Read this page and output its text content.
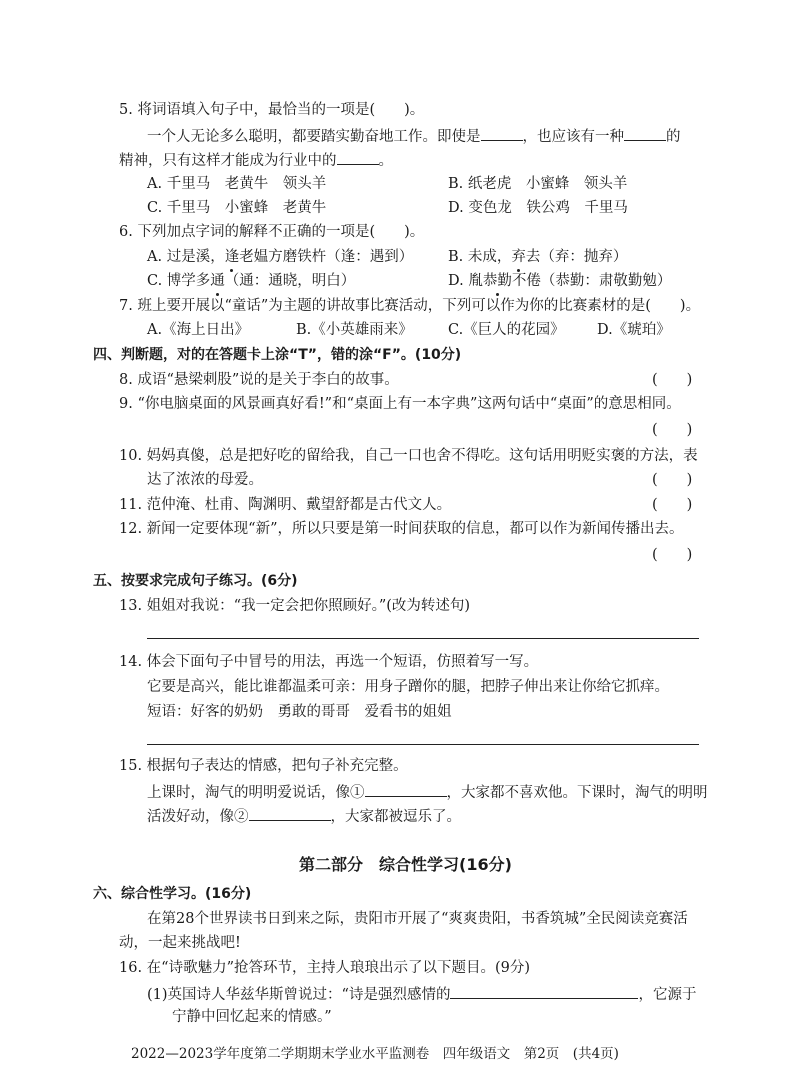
5. 将词语填入句子中，最恰当的一项是(　　)。
一个人无论多么聪明，都要踏实勤奋地工作。即使是	，也应该有一种	的
精神，只有这样才能成为行业中的	。
A. 千里马　老黄牛　领头羊	B. 纸老虎　小蜜蜂　领头羊
C. 千里马　小蜜蜂　老黄牛	D. 变色龙　铁公鸡　千里马
6. 下列加点字词的解释不正确的一项是(　　)。
A. 过是溪，逢老媪方磨铁杵（逢：遇到） B. 未成，弃去（弃：抛弃）
C. 博学多通（通：通晓，明白）	D. 胤恭勤不倦（恭勤：肃敬勤勉）
7. 班上要开展以“童话”为主题的讲故事比赛活动，下列可以作为你的比赛素材的是(　　)。
A.《海上日出》	B.《小英雄雨来》 C.《巨人的花园》 D.《琥珀》
四、判断题，对的在答题卡上涂“T”，错的涂“F”。(10分)
8. 成语“悬梁刺股”说的是关于李白的故事。	(　　)
9. “你电脑桌面的风景画真好看!”和“桌面上有一本字典”这两句话中“桌面”的意思相同。
(　　)
10. 妈妈真傻，总是把好吃的留给我，自己一口也舍不得吃。这句话用明贬实褒的方法，表
达了浓浓的母爱。	(　　)
11. 范仲淹、杜甫、陶渊明、戴望舒都是古代文人。	(　　)
12. 新闻一定要体现“新”，所以只要是第一时间获取的信息，都可以作为新闻传播出去。
(　　)
五、按要求完成句子练习。(6分)
13. 姐姐对我说：“我一定会把你照顾好。”(改为转述句)
14. 体会下面句子中冒号的用法，再选一个短语，仿照着写一写。
它要是高兴，能比谁都温柔可亲：用身子蹭你的腿，把脖子伸出来让你给它抓痒。
短语：好客的奶奶　勇敢的哥哥　爱看书的姐姐
15. 根据句子表达的情感，把句子补充完整。
上课时，淘气的明明爱说话，像①	，大家都不喜欢他。下课时，淘气的明明
活泼好动，像②	，大家都被逗乐了。
第二部分　综合性学习(16分)
六、综合性学习。(16分)
在第28个世界读书日到来之际，贵阳市开展了“爽爽贵阳，书香筑城”全民阅读竞赛活
动，一起来挑战吧!
16. 在“诗歌魅力”抢答环节，主持人琅琅出示了以下题目。(9分)
(1)英国诗人华兹华斯曾说过：“诗是强烈感情的	，它源于
宁静中回忆起来的情感。”
2022—2023学年度第二学期期末学业水平监测卷　四年级语文　第2页　(共4页)
